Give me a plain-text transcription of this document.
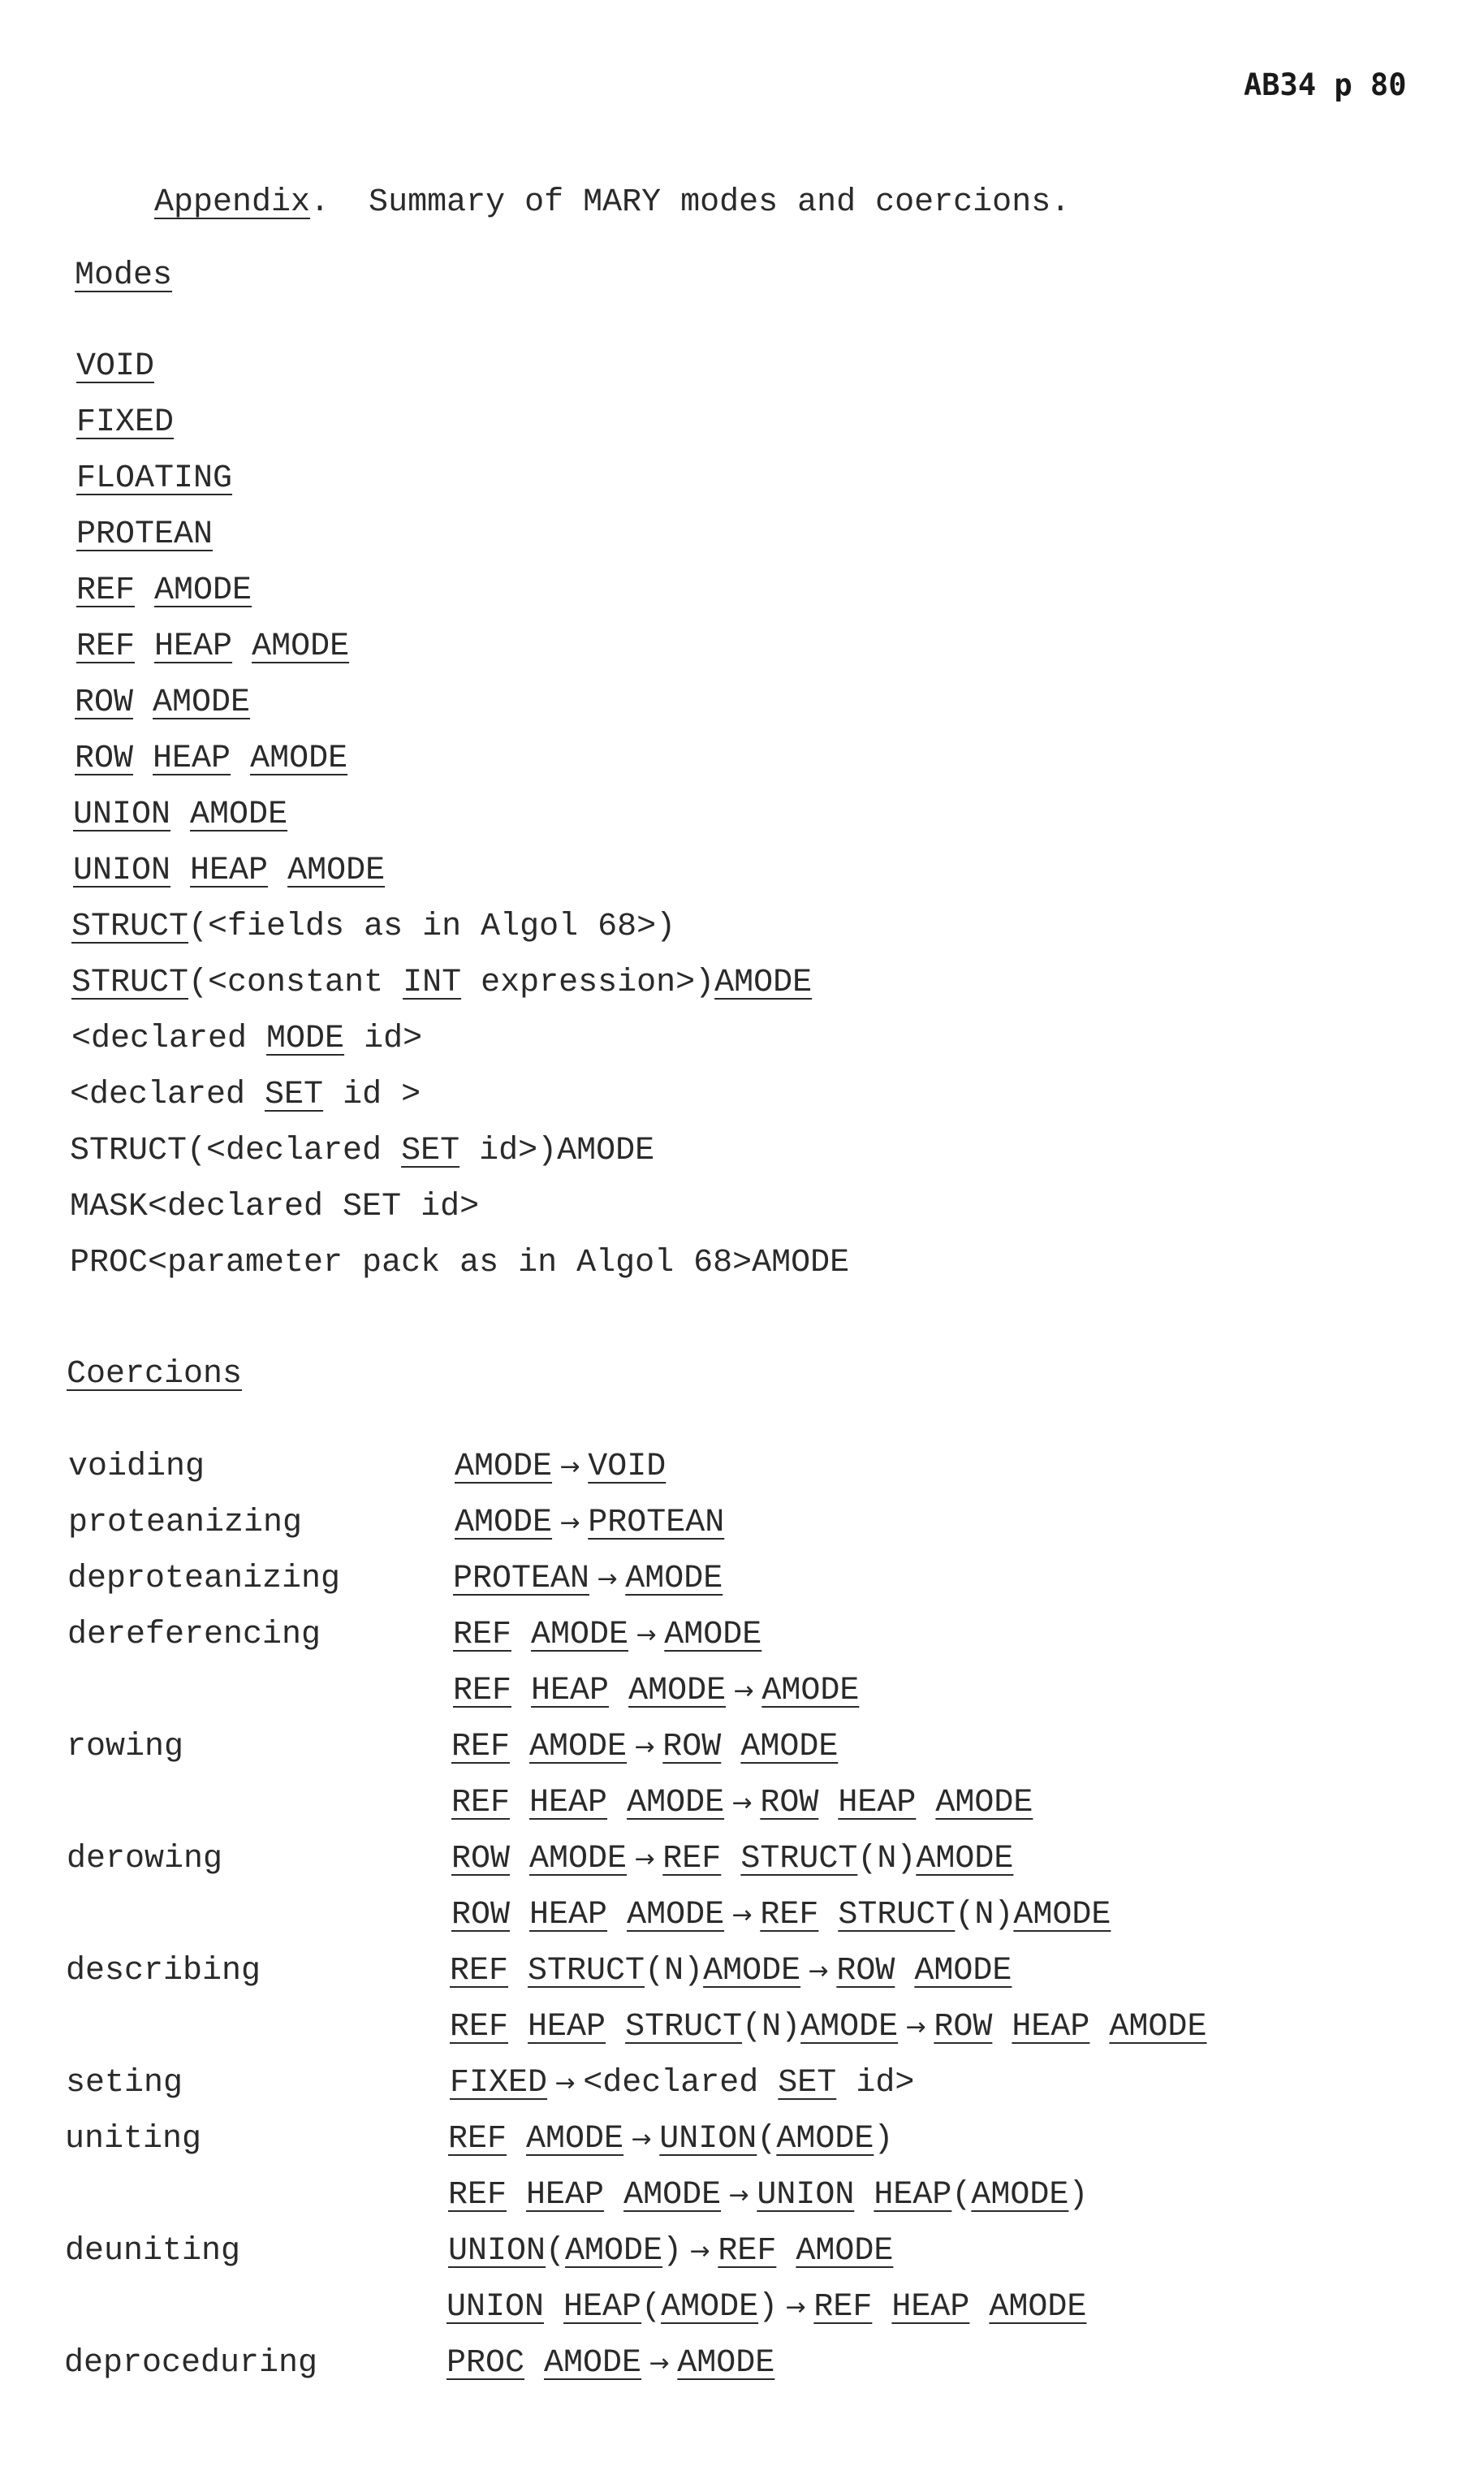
AB34 p 80

Appendix.  Summary of MARY modes and coercions.

Modes
VOID
FIXED
FLOATING
PROTEAN
REF AMODE
REF HEAP AMODE
ROW AMODE
ROW HEAP AMODE
UNION AMODE
UNION HEAP AMODE
STRUCT(<fields as in Algol 68>)
STRUCT(<constant INT expression>)AMODE
<declared MODE id>
<declared SET id >
STRUCT(<declared SET id>)AMODE
MASK<declared SET id>
PROC<parameter pack as in Algol 68>AMODE
Coercions
voiding	AMODE → VOID
proteanizing	AMODE → PROTEAN
deproteanizing	PROTEAN → AMODE
dereferencing	REF AMODE → AMODE
REF HEAP AMODE → AMODE
rowing	REF AMODE → ROW AMODE
REF HEAP AMODE → ROW HEAP AMODE
derowing	ROW AMODE → REF STRUCT(N)AMODE
ROW HEAP AMODE → REF STRUCT(N)AMODE
describing	REF STRUCT(N)AMODE → ROW AMODE
REF HEAP STRUCT(N)AMODE → ROW HEAP AMODE
seting	FIXED → <declared SET id>
uniting	REF AMODE → UNION(AMODE)
REF HEAP AMODE → UNION HEAP(AMODE)
deuniting	UNION(AMODE) → REF AMODE
UNION HEAP(AMODE) → REF HEAP AMODE
deproceduring	PROC AMODE → AMODE
